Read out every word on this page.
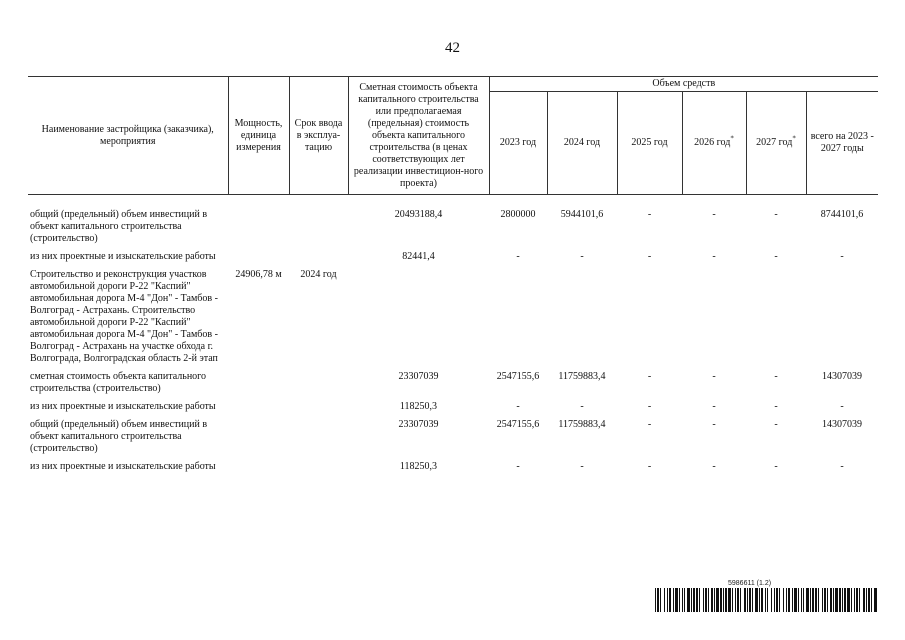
42
Наименование застройщика (заказчика), мероприятия	Мощность, единица измерения	Срок ввода в эксплуа-тацию	Сметная стоимость объекта капитального строительства или предполагаемая (предельная) стоимость объекта капитального строительства (в ценах соответствующих лет реализации инвестицион-ного проекта)	Объем средств					
				2023 год	2024 год	2025 год	2026 год*	2027 год*	всего на 2023 - 2027 годы

общий (предельный) объем инвестиций в объект капитального строительства (строительство)			20493188,4	2800000	5944101,6	-	-	-	8744101,6
из них проектные и изыскательские работы			82441,4	-	-	-	-	-	-
Строительство и реконструкция участков автомобильной дороги Р-22 "Каспий" автомобильная дорога М-4 "Дон" - Тамбов - Волгоград - Астрахань. Строительство автомобильной дороги Р-22 "Каспий" автомобильная дорога М-4 "Дон" - Тамбов - Волгоград - Астрахань на участке обхода г. Волгограда, Волгоградская область 2-й этап	24906,78 м	2024 год							
сметная стоимость объекта капитального строительства (строительство)			23307039	2547155,6	11759883,4	-	-	-	14307039
из них проектные и изыскательские работы			118250,3	-	-	-	-	-	-
общий (предельный) объем инвестиций в объект капитального строительства (строительство)			23307039	2547155,6	11759883,4	-	-	-	14307039
из них проектные и изыскательские работы			118250,3	-	-	-	-	-	-
5986611 (1.2)
